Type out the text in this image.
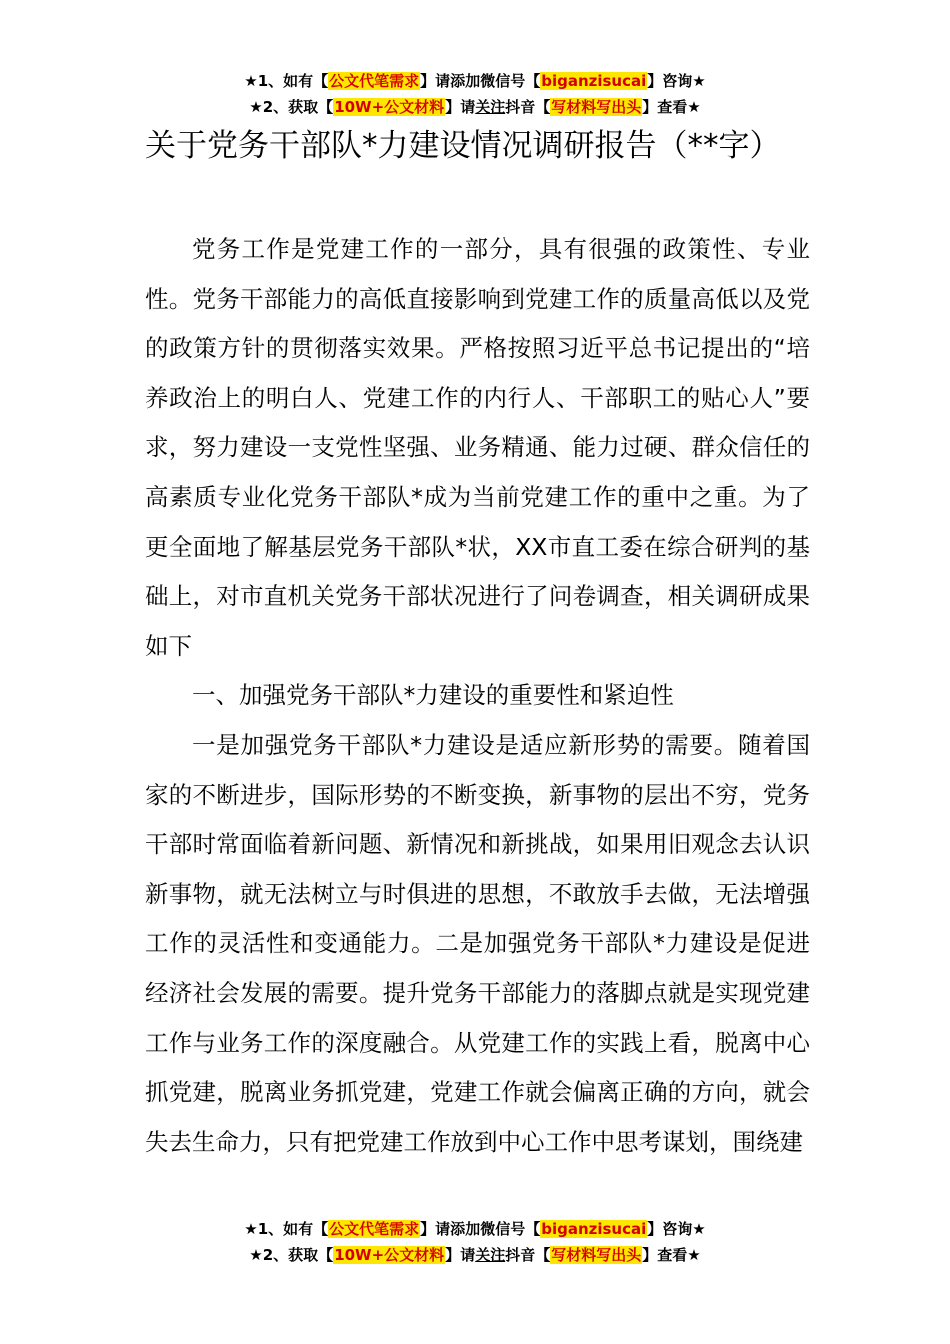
★1、如有【公文代笔需求】请添加微信号【biganzisucai】咨询★
★2、获取【10W+公文材料】请关注抖音【写材料写出头】查看★
关于党务干部队*力建设情况调研报告（**字）

党务工作是党建工作的一部分，具有很强的政策性、专业性。党务干部能力的高低直接影响到党建工作的质量高低以及党的政策方针的贯彻落实效果。严格按照习近平总书记提出的“培养政治上的明白人、党建工作的内行人、干部职工的贴心人”要求，努力建设一支党性坚强、业务精通、能力过硬、群众信任的高素质专业化党务干部队*成为当前党建工作的重中之重。为了更全面地了解基层党务干部队*状，XX市直工委在综合研判的基础上，对市直机关党务干部状况进行了问卷调查，相关调研成果如下

一、加强党务干部队*力建设的重要性和紧迫性

一是加强党务干部队*力建设是适应新形势的需要。随着国家的不断进步，国际形势的不断变换，新事物的层出不穷，党务干部时常面临着新问题、新情况和新挑战，如果用旧观念去认识新事物，就无法树立与时俱进的思想，不敢放手去做，无法增强工作的灵活性和变通能力。二是加强党务干部队*力建设是促进经济社会发展的需要。提升党务干部能力的落脚点就是实现党建工作与业务工作的深度融合。从党建工作的实践上看，脱离中心抓党建，脱离业务抓党建，党建工作就会偏离正确的方向，就会失去生命力，只有把党建工作放到中心工作中思考谋划，围绕建

★1、如有【公文代笔需求】请添加微信号【biganzisucai】咨询★
★2、获取【10W+公文材料】请关注抖音【写材料写出头】查看★
